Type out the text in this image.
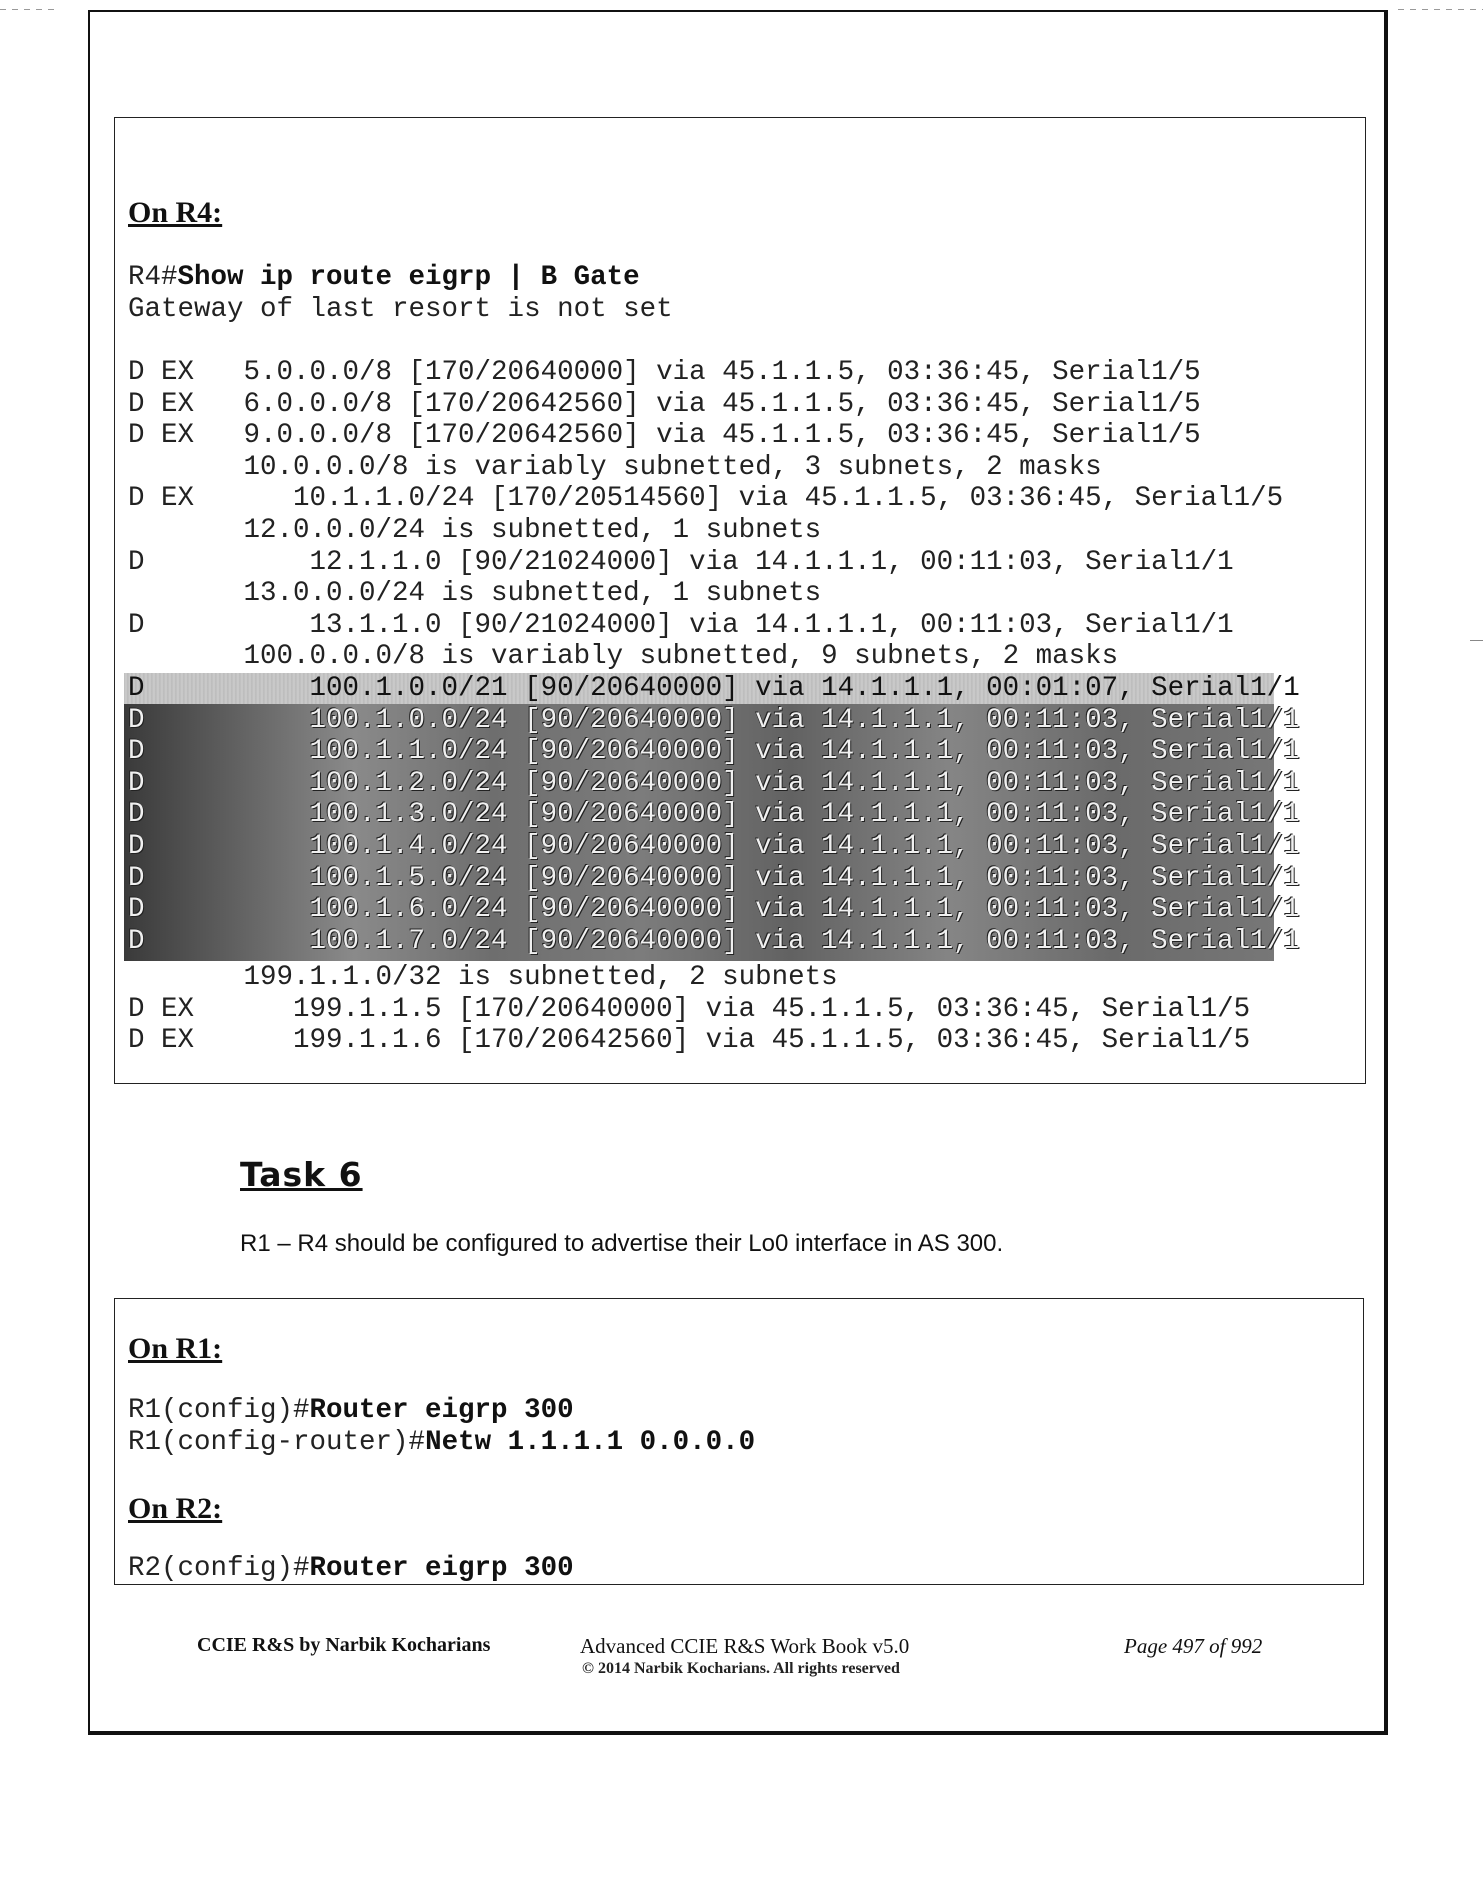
On R4:
R4#Show ip route eigrp | B Gate
Gateway of last resort is not set
D EX   5.0.0.0/8 [170/20640000] via 45.1.1.5, 03:36:45, Serial1/5
D EX   6.0.0.0/8 [170/20642560] via 45.1.1.5, 03:36:45, Serial1/5
D EX   9.0.0.0/8 [170/20642560] via 45.1.1.5, 03:36:45, Serial1/5
10.0.0.0/8 is variably subnetted, 3 subnets, 2 masks
D EX      10.1.1.0/24 [170/20514560] via 45.1.1.5, 03:36:45, Serial1/5
12.0.0.0/24 is subnetted, 1 subnets
D          12.1.1.0 [90/21024000] via 14.1.1.1, 00:11:03, Serial1/1
13.0.0.0/24 is subnetted, 1 subnets
D          13.1.1.0 [90/21024000] via 14.1.1.1, 00:11:03, Serial1/1
100.0.0.0/8 is variably subnetted, 9 subnets, 2 masks
D          100.1.0.0/21 [90/20640000] via 14.1.1.1, 00:01:07, Serial1/1
D          100.1.0.0/24 [90/20640000] via 14.1.1.1, 00:11:03, Serial1/1
D          100.1.1.0/24 [90/20640000] via 14.1.1.1, 00:11:03, Serial1/1
D          100.1.2.0/24 [90/20640000] via 14.1.1.1, 00:11:03, Serial1/1
D          100.1.3.0/24 [90/20640000] via 14.1.1.1, 00:11:03, Serial1/1
D          100.1.4.0/24 [90/20640000] via 14.1.1.1, 00:11:03, Serial1/1
D          100.1.5.0/24 [90/20640000] via 14.1.1.1, 00:11:03, Serial1/1
D          100.1.6.0/24 [90/20640000] via 14.1.1.1, 00:11:03, Serial1/1
D          100.1.7.0/24 [90/20640000] via 14.1.1.1, 00:11:03, Serial1/1
199.1.1.0/32 is subnetted, 2 subnets
D EX      199.1.1.5 [170/20640000] via 45.1.1.5, 03:36:45, Serial1/5
D EX      199.1.1.6 [170/20642560] via 45.1.1.5, 03:36:45, Serial1/5
Task 6
R1 – R4 should be configured to advertise their Lo0 interface in AS 300.
On R1:
R1(config)#Router eigrp 300
R1(config-router)#Netw 1.1.1.1 0.0.0.0
On R2:
R2(config)#Router eigrp 300
CCIE R&S by Narbik Kocharians	Advanced CCIE R&S Work Book v5.0
© 2014 Narbik Kocharians. All rights reserved
Page 497 of 992
